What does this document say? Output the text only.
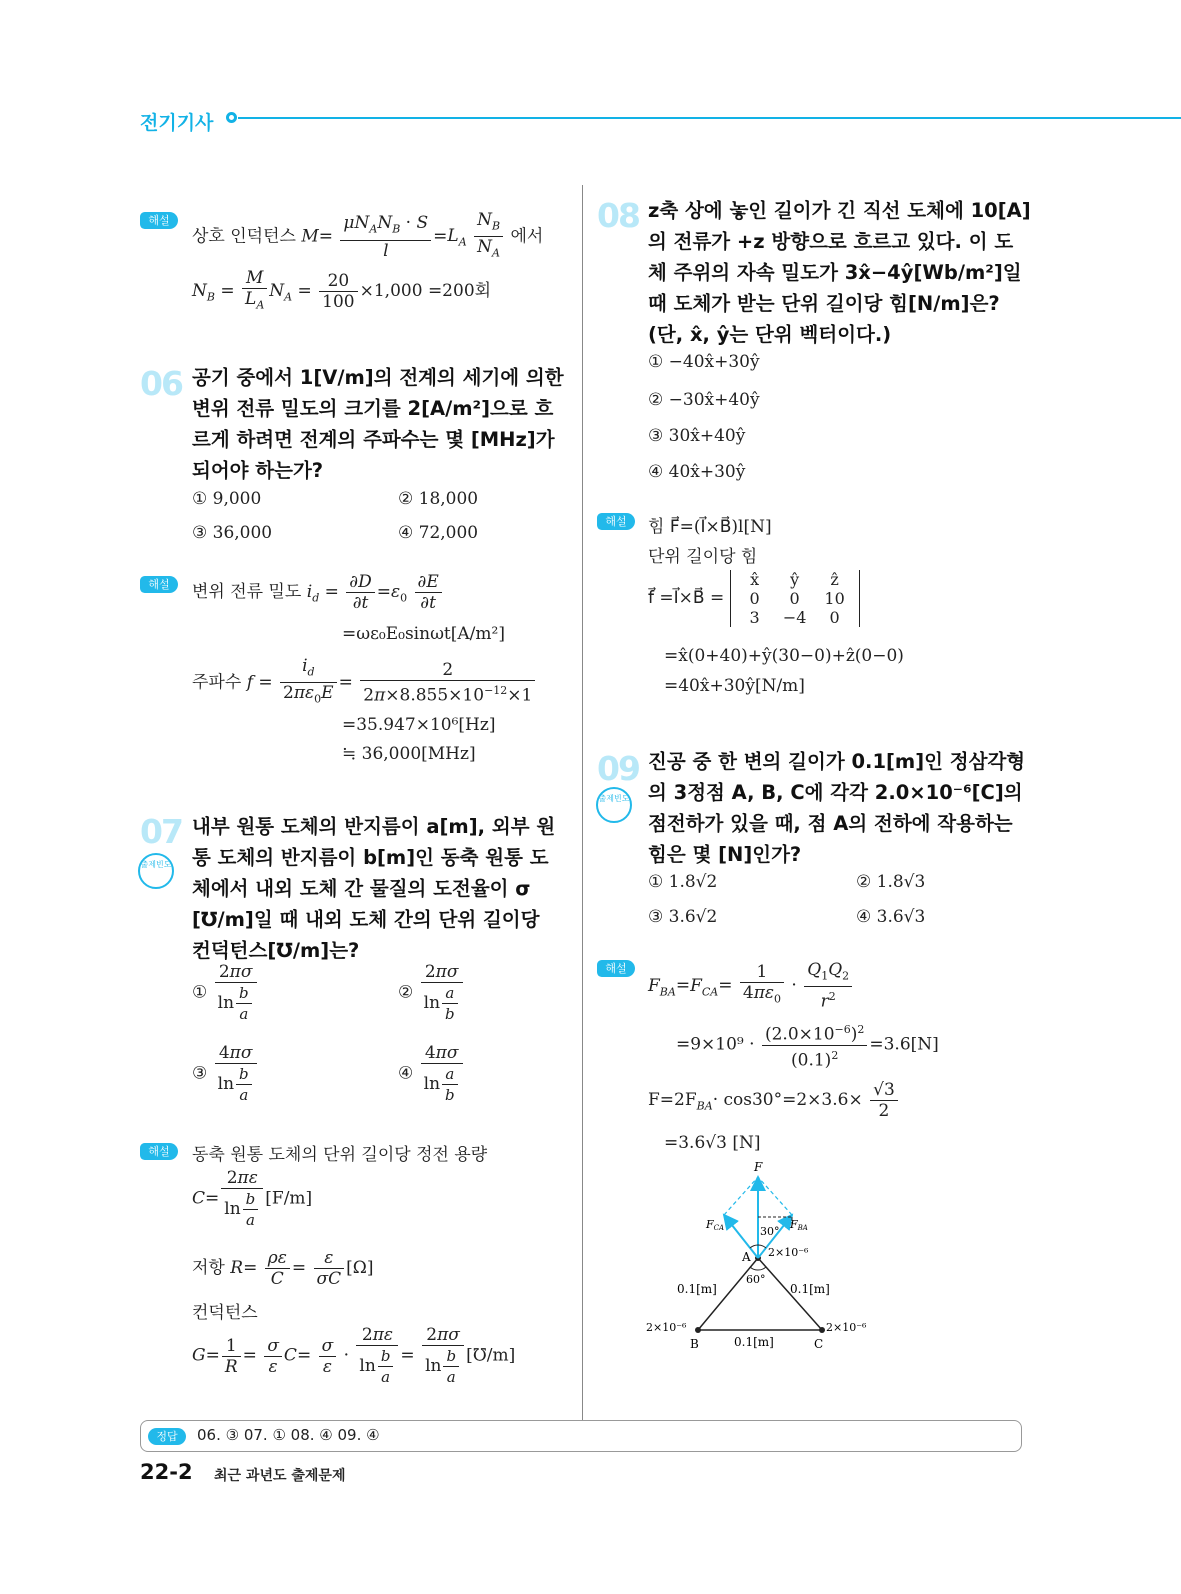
전기기사
해설
상호 인덕턴스 $M= \frac{\mu N_AN_B \cdot S}{l} =L_A \frac{N_B}{N_A}$ 에서
$N_B = \frac{M}{L_A} N_A = \frac{20}{100} \times 1,000 =200$회
06 공기 중에서 1[V/m]의 전계의 세기에 의한
변위 전류 밀도의 크기를 2[A/m²]으로 흐
르게 하려면 전계의 주파수는 몇 [MHz]가
되어야 하는가?
① 9,000	② 18,000
③ 36,000	④ 72,000
해설	변위 전류 밀도 $i_d = \frac{\partial D}{\partial t} =\varepsilon_0 \frac{\partial E}{\partial t}$
=ωε₀E₀sinωt[A/m²]
주파수 $f = \frac{i_d}{2\pi\varepsilon_0E} = \frac{2}{2\pi\times 8.855\times 10^{-12}\times 1}$
=35.947×10⁶[Hz]
≒ 36,000[MHz]
07
출제빈도
내부 원통 도체의 반지름이 a[m], 외부 원
통 도체의 반지름이 b[m]인 동축 원통 도
체에서 내외 도체 간 물질의 도전율이 σ
[℧/m]일 때 내외 도체 간의 단위 길이당
컨덕턴스[℧/m]는?
① $\frac{2\pi\sigma}{\ln \frac{b}{a}}$	② $\frac{2\pi\sigma}{\ln \frac{a}{b}}$
③ $\frac{4\pi\sigma}{\ln \frac{b}{a}}$	④ $\frac{4\pi\sigma}{\ln \frac{a}{b}}$
해설	동축 원통 도체의 단위 길이당 정전 용량
$C= \frac{2\pi\varepsilon}{\ln \frac{b}{a}} [F/m]$
저항 $R= \frac{\rho\varepsilon}{C} = \frac{\varepsilon}{\sigma C} [\Omega]$
컨덕턴스
$G= \frac{1}{R} = \frac{\sigma}{\varepsilon} C= \frac{\sigma}{\varepsilon} \cdot \frac{2\pi\varepsilon}{\ln \frac{b}{a}} = \frac{2\pi\sigma}{\ln \frac{b}{a}}$ [℧/m]
08 z축 상에 놓인 길이가 긴 직선 도체에 10[A]
의 전류가 +z 방향으로 흐르고 있다. 이 도
체 주위의 자속 밀도가 3x̂−4ŷ[Wb/m²]일
때 도체가 받는 단위 길이당 힘[N/m]은?
(단, x̂, ŷ는 단위 벡터이다.)
① −40x̂+30ŷ
② −30x̂+40ŷ
③ 30x̂+40ŷ
④ 40x̂+30ŷ
해설	힘 F⃗=(I⃗×B⃗)l[N]
단위 길이당 힘
f⃗ =I⃗×B⃗ =
x̂	ŷ	ẑ
0	0	10
3	−4	0
=x̂(0+40)+ŷ(30−0)+ẑ(0−0)
=40x̂+30ŷ[N/m]
09
출제빈도
진공 중 한 변의 길이가 0.1[m]인 정삼각형
의 3정점 A, B, C에 각각 2.0×10⁻⁶[C]의
점전하가 있을 때, 점 A의 전하에 작용하는
힘은 몇 [N]인가?
① 1.8√2	② 1.8√3
③ 3.6√2	④ 3.6√3
해설
$F_{BA}=F_{CA}= \frac{1}{4\pi\varepsilon_0} \cdot \frac{Q_1Q_2}{r^2}$
$=9\times 10^9 \cdot \frac{(2.0\times 10^{-6})^2}{(0.1)^2} =3.6[N]$
$F=2F_{BA}\cdot \cos 30^\circ=2\times 3.6\times \frac{√3}{2}$
=3.6√3 [N]
F
FCA	FBA
30°
60°
A
B	C
2×10⁻⁶
2×10⁻⁶	2×10⁻⁶
0.1[m]	0.1[m]
0.1[m]
정답	06. ③ 07. ① 08. ④ 09. ④
22-2 최근 과년도 출제문제
